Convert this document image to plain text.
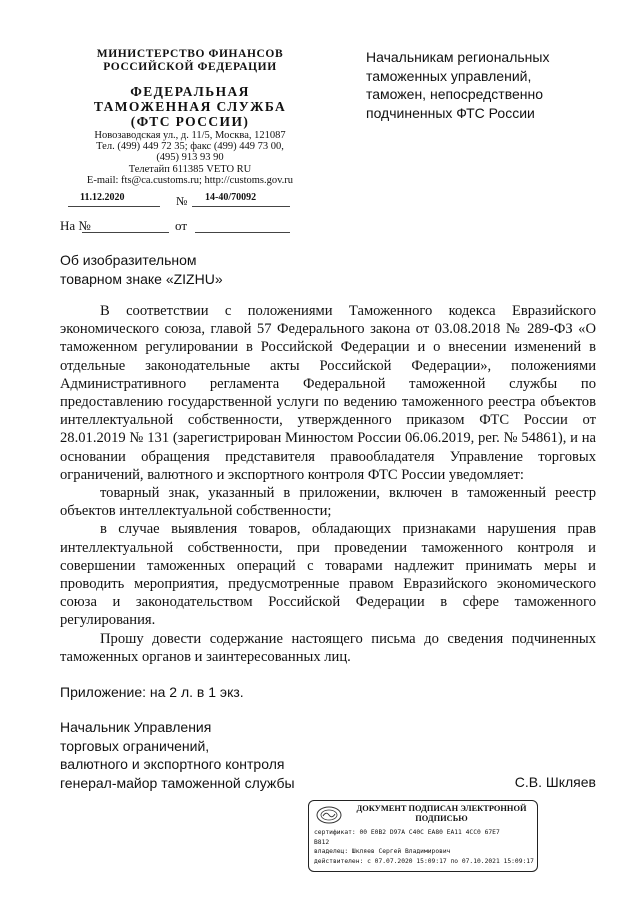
МИНИСТЕРСТВО ФИНАНСОВ
РОССИЙСКОЙ ФЕДЕРАЦИИ
ФЕДЕРАЛЬНАЯ
ТАМОЖЕННАЯ СЛУЖБА
(ФТС РОССИИ)
Новозаводская ул., д. 11/5, Москва, 121087
Тел. (499) 449 72 35; факс (499) 449 73 00,
(495) 913 93 90
Телетайп 611385 VETO RU
E-mail: fts@ca.customs.ru; http://customs.gov.ru
11.12.2020	№ 14-40/70092
На №	от
Начальникам региональных
таможенных управлений,
таможен, непосредственно
подчиненных ФТС России
Об изобразительном
товарном знаке «ZIZHU»

В соответствии с положениями Таможенного кодекса Евразийского экономического союза, главой 57 Федерального закона от 03.08.2018 № 289-ФЗ «О таможенном регулировании в Российской Федерации и о внесении изменений в отдельные законодательные акты Российской Федерации», положениями Административного регламента Федеральной таможенной службы по предоставлению государственной услуги по ведению таможенного реестра объектов интеллектуальной собственности, утвержденного приказом ФТС России от 28.01.2019 № 131 (зарегистрирован Минюстом России 06.06.2019, рег. № 54861), и на основании обращения представителя правообладателя Управление торговых ограничений, валютного и экспортного контроля ФТС России уведомляет:

товарный знак, указанный в приложении, включен в таможенный реестр объектов интеллектуальной собственности;

в случае выявления товаров, обладающих признаками нарушения прав интеллектуальной собственности, при проведении таможенного контроля и совершении таможенных операций с товарами надлежит принимать меры и проводить мероприятия, предусмотренные правом Евразийского экономического союза и законодательством Российской Федерации в сфере таможенного регулирования.

Прошу довести содержание настоящего письма до сведения подчиненных таможенных органов и заинтересованных лиц.

Приложение: на 2 л. в 1 экз.
Начальник Управления
торговых ограничений,
валютного и экспортного контроля
генерал-майор таможенной службы	С.В. Шкляев
ДОКУМЕНТ ПОДПИСАН ЭЛЕКТРОННОЙ
ПОДПИСЬЮ
сертификат: 00 E0B2 D97A C40C EA80 EA11 4CC0 67E7
B812
владелец: Шкляев Сергей Владимирович
действителен: с 07.07.2020 15:09:17 по 07.10.2021 15:09:17
